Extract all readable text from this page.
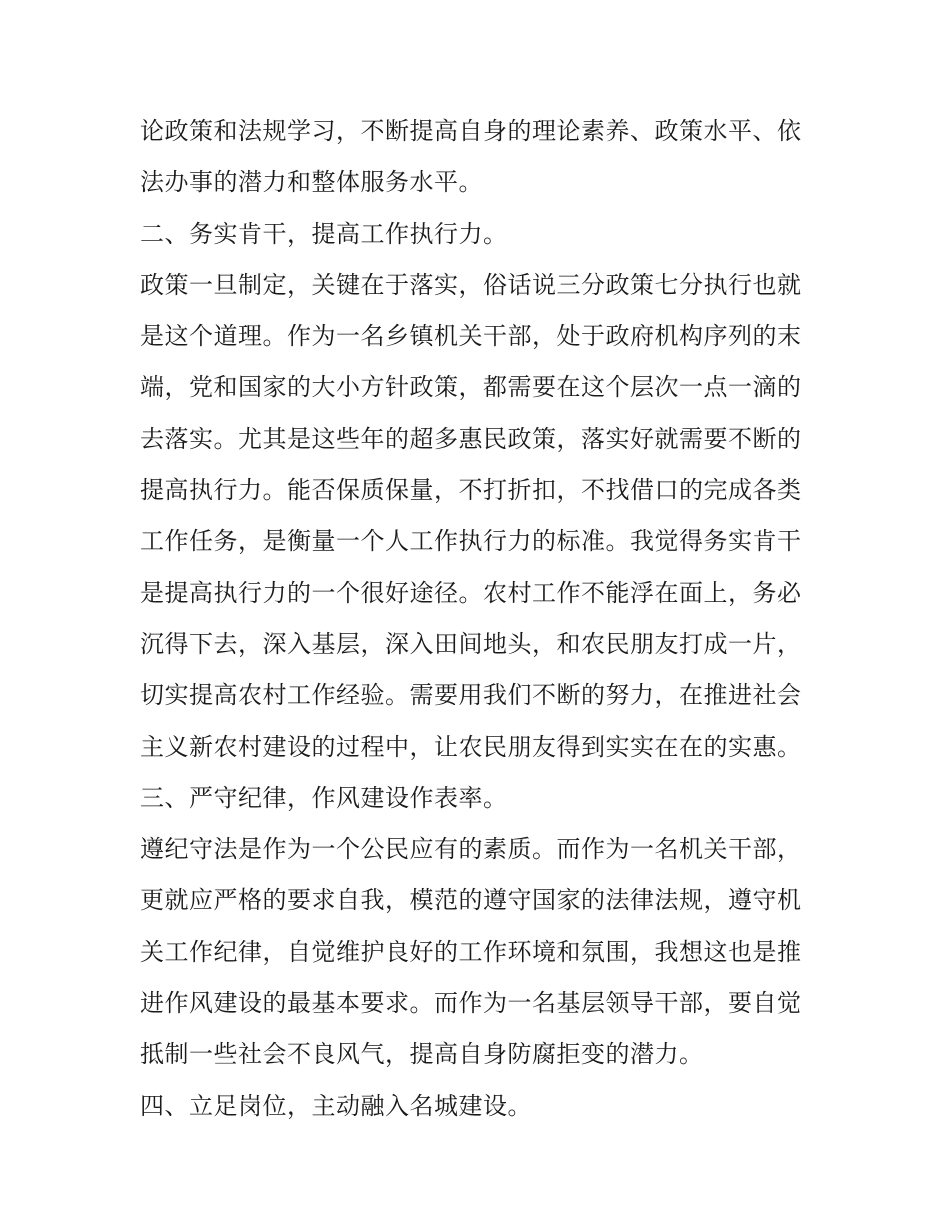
论政策和法规学习，不断提高自身的理论素养、政策水平、依
法办事的潜力和整体服务水平。
二、务实肯干，提高工作执行力。
政策一旦制定，关键在于落实，俗话说三分政策七分执行也就
是这个道理。作为一名乡镇机关干部，处于政府机构序列的末
端，党和国家的大小方针政策，都需要在这个层次一点一滴的
去落实。尤其是这些年的超多惠民政策，落实好就需要不断的
提高执行力。能否保质保量，不打折扣，不找借口的完成各类
工作任务，是衡量一个人工作执行力的标准。我觉得务实肯干
是提高执行力的一个很好途径。农村工作不能浮在面上，务必
沉得下去，深入基层，深入田间地头，和农民朋友打成一片，
切实提高农村工作经验。需要用我们不断的努力，在推进社会
主义新农村建设的过程中，让农民朋友得到实实在在的实惠。
三、严守纪律，作风建设作表率。
遵纪守法是作为一个公民应有的素质。而作为一名机关干部，
更就应严格的要求自我，模范的遵守国家的法律法规，遵守机
关工作纪律，自觉维护良好的工作环境和氛围，我想这也是推
进作风建设的最基本要求。而作为一名基层领导干部，要自觉
抵制一些社会不良风气，提高自身防腐拒变的潜力。
四、立足岗位，主动融入名城建设。
